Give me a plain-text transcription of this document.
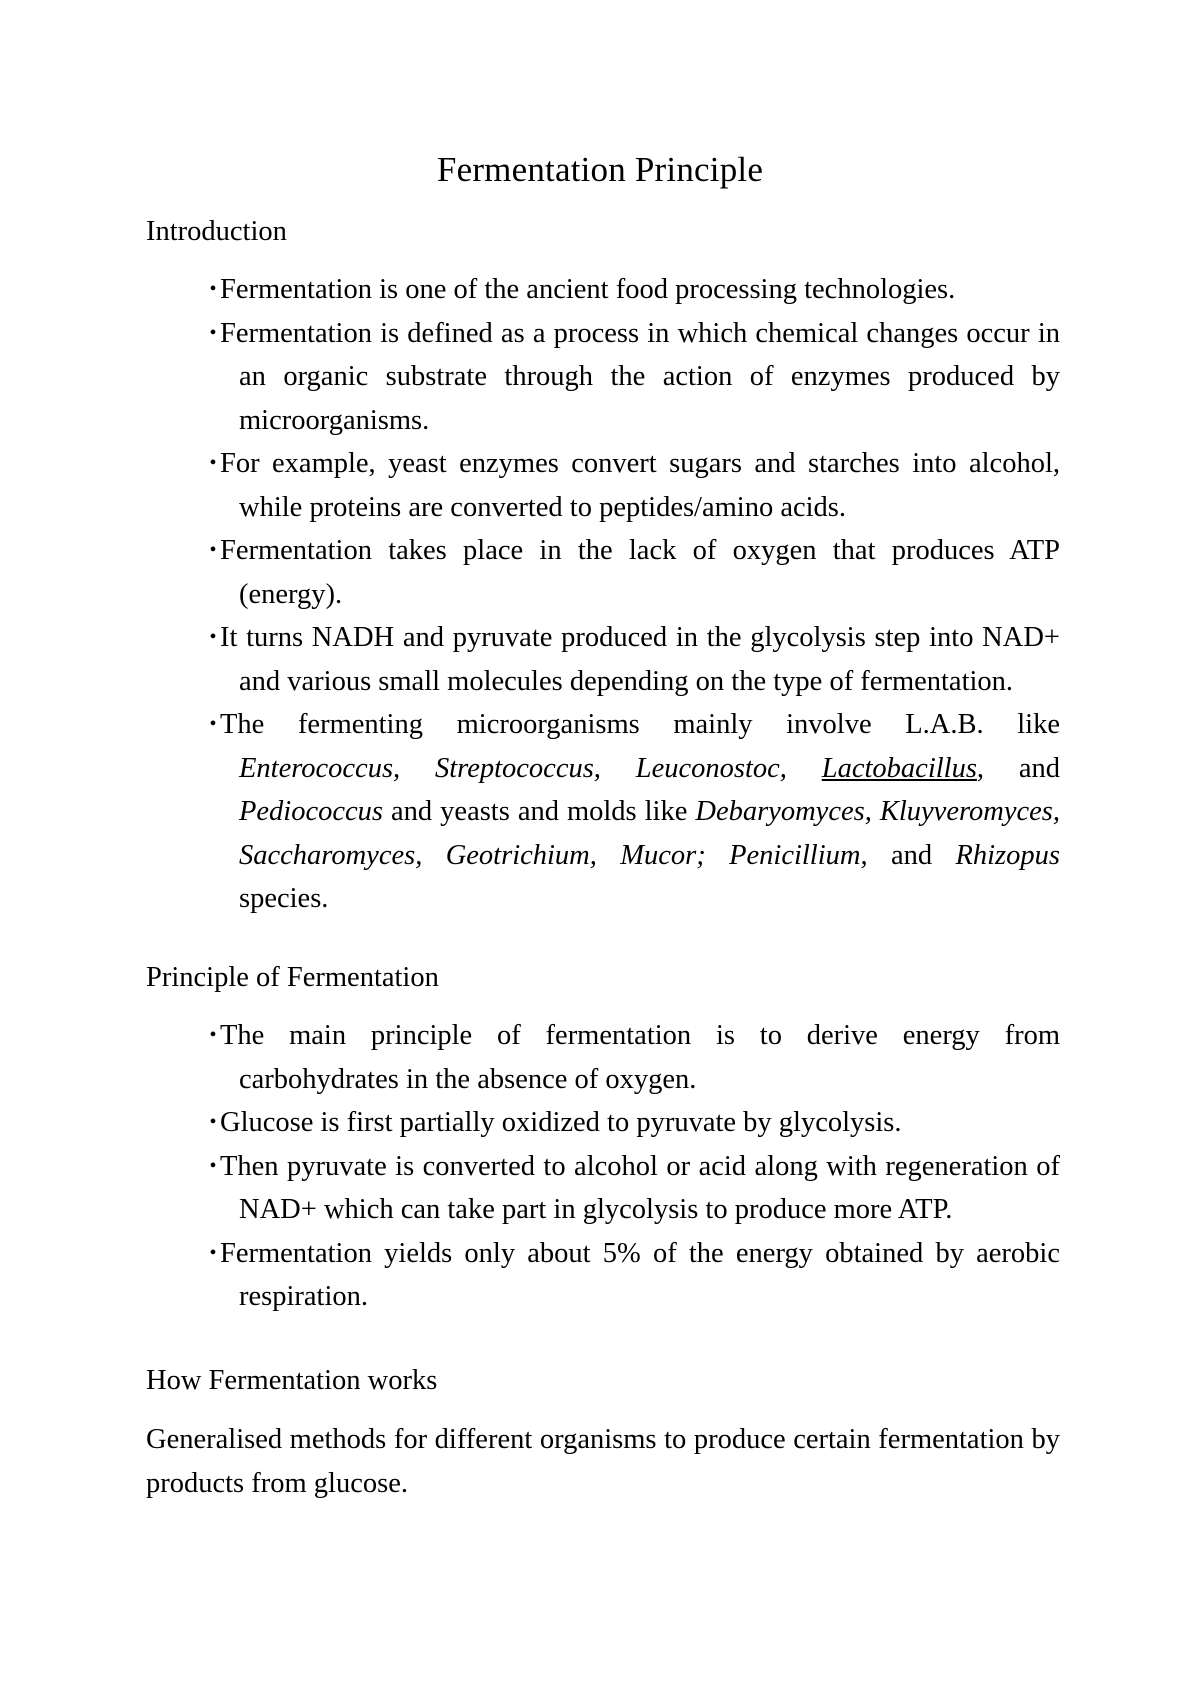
Fermentation Principle
Introduction
• Fermentation is one of the ancient food processing technologies.
• Fermentation is defined as a process in which chemical changes occur in an organic substrate through the action of enzymes produced by microorganisms.
• For example, yeast enzymes convert sugars and starches into alcohol, while proteins are converted to peptides/amino acids.
• Fermentation takes place in the lack of oxygen that produces ATP (energy).
• It turns NADH and pyruvate produced in the glycolysis step into NAD+ and various small molecules depending on the type of fermentation.
• The fermenting microorganisms mainly involve L.A.B. like Enterococcus, Streptococcus, Leuconostoc, Lactobacillus, and Pediococcus and yeasts and molds like Debaryomyces, Kluyveromyces, Saccharomyces, Geotrichium, Mucor; Penicillium, and Rhizopus species.
Principle of Fermentation
• The main principle of fermentation is to derive energy from carbohydrates in the absence of oxygen.
• Glucose is first partially oxidized to pyruvate by glycolysis.
• Then pyruvate is converted to alcohol or acid along with regeneration of NAD+ which can take part in glycolysis to produce more ATP.
• Fermentation yields only about 5% of the energy obtained by aerobic respiration.
How Fermentation works
Generalised methods for different organisms to produce certain fermentation by products from glucose.
